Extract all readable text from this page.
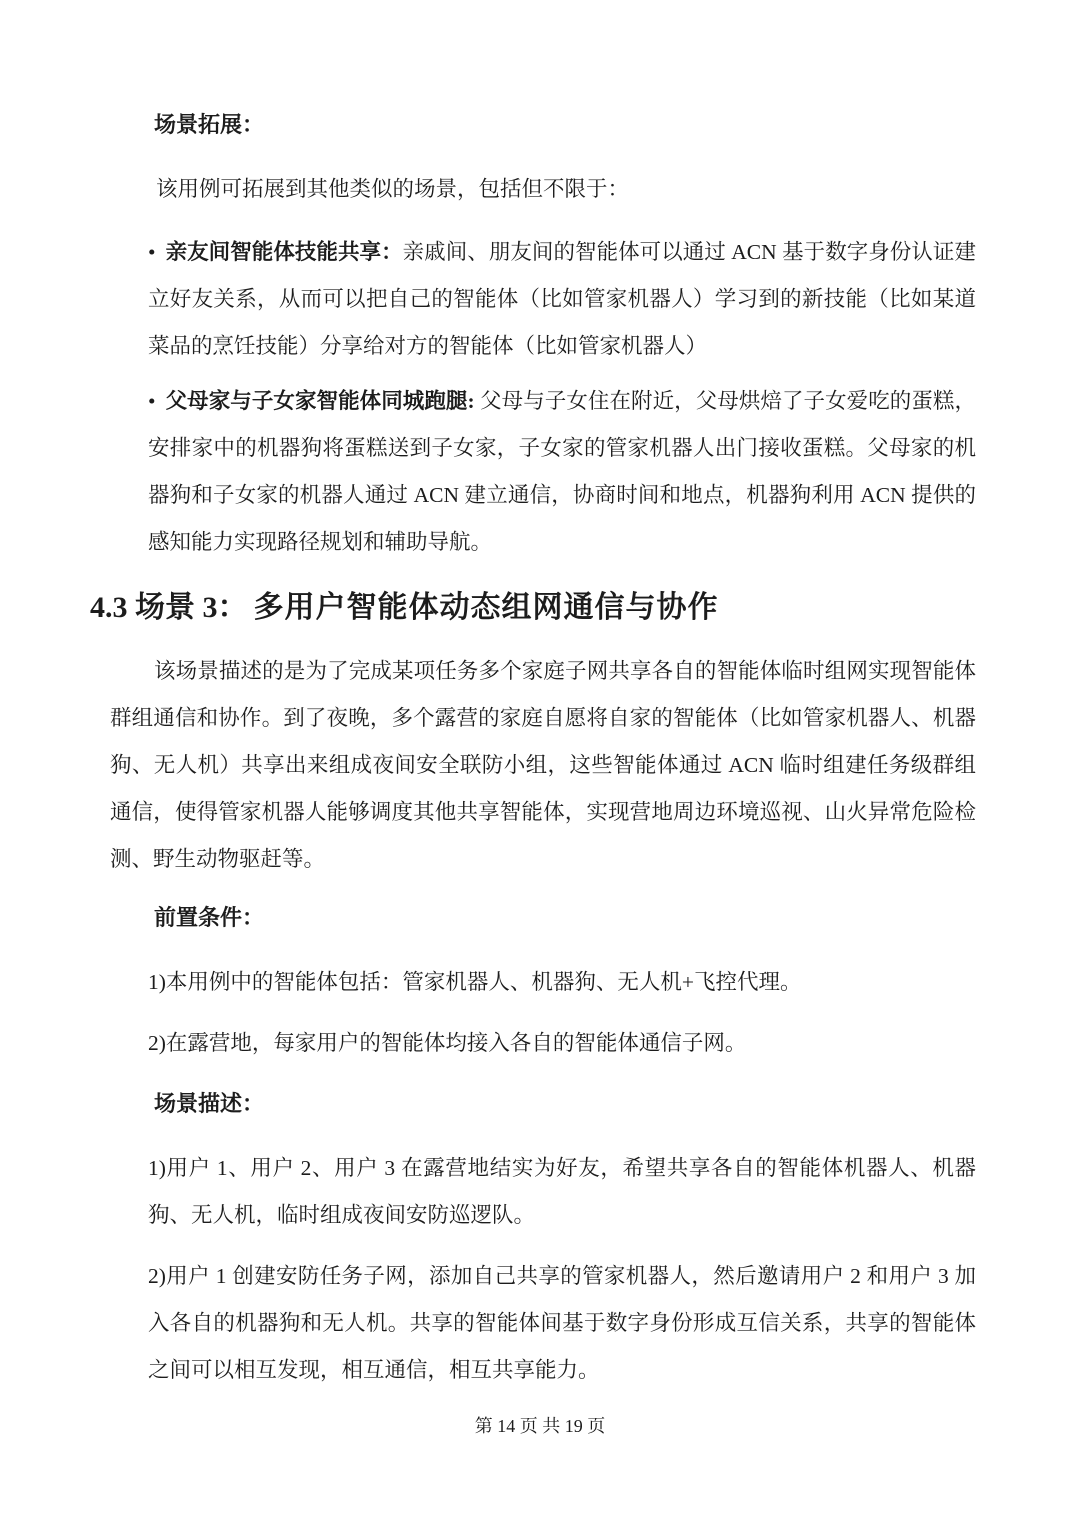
场景拓展：

该用例可拓展到其他类似的场景，包括但不限于：

• 亲友间智能体技能共享：亲戚间、朋友间的智能体可以通过 ACN 基于数字身份认证建立好友关系，从而可以把自己的智能体（比如管家机器人）学习到的新技能（比如某道菜品的烹饪技能）分享给对方的智能体（比如管家机器人）

• 父母家与子女家智能体同城跑腿: 父母与子女住在附近，父母烘焙了子女爱吃的蛋糕，安排家中的机器狗将蛋糕送到子女家，子女家的管家机器人出门接收蛋糕。父母家的机器狗和子女家的机器人通过 ACN 建立通信，协商时间和地点，机器狗利用 ACN 提供的感知能力实现路径规划和辅助导航。

4.3 场景 3： 多用户智能体动态组网通信与协作

该场景描述的是为了完成某项任务多个家庭子网共享各自的智能体临时组网实现智能体群组通信和协作。到了夜晚，多个露营的家庭自愿将自家的智能体（比如管家机器人、机器狗、无人机）共享出来组成夜间安全联防小组，这些智能体通过 ACN 临时组建任务级群组通信，使得管家机器人能够调度其他共享智能体，实现营地周边环境巡视、山火异常危险检测、野生动物驱赶等。

前置条件：

1)本用例中的智能体包括：管家机器人、机器狗、无人机+飞控代理。

2)在露营地，每家用户的智能体均接入各自的智能体通信子网。

场景描述：

1)用户 1、用户 2、用户 3 在露营地结实为好友，希望共享各自的智能体机器人、机器狗、无人机，临时组成夜间安防巡逻队。

2)用户 1 创建安防任务子网，添加自己共享的管家机器人，然后邀请用户 2 和用户 3 加入各自的机器狗和无人机。共享的智能体间基于数字身份形成互信关系，共享的智能体之间可以相互发现，相互通信，相互共享能力。

第 14 页 共 19 页
